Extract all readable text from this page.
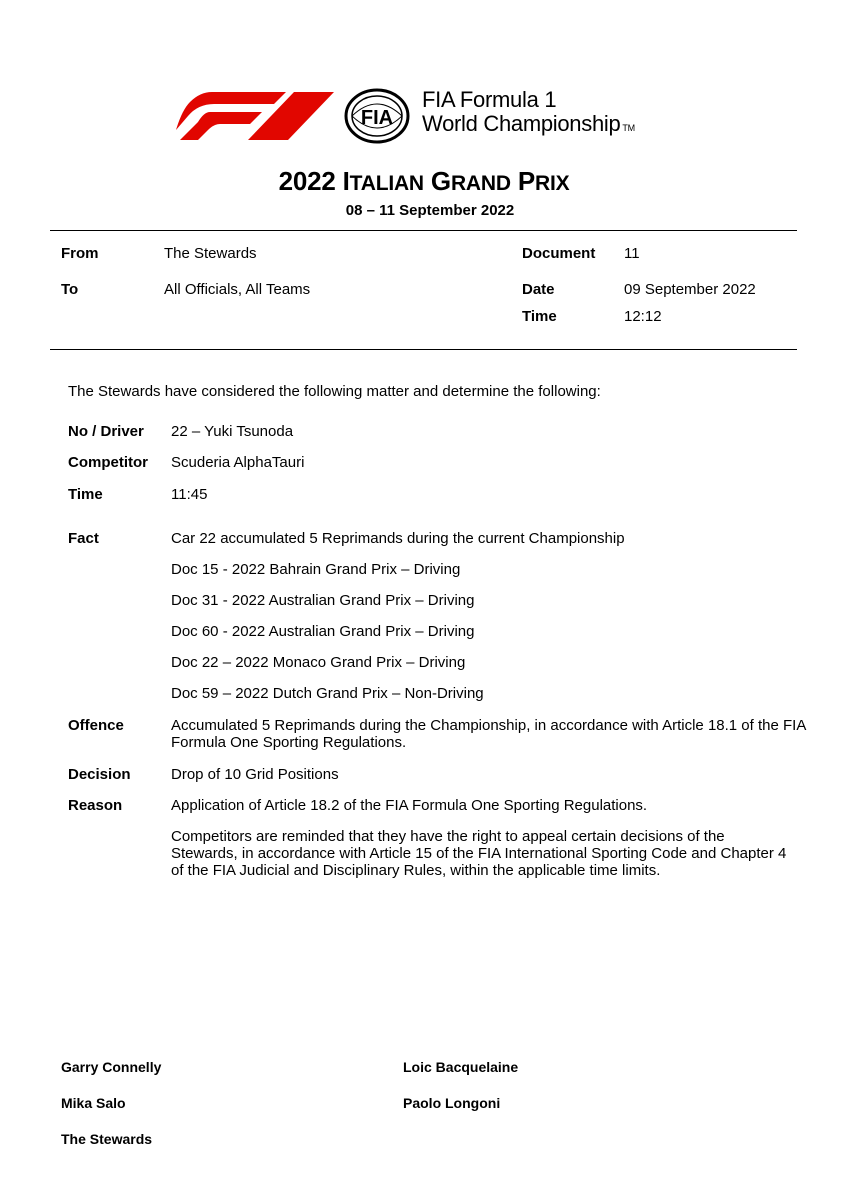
FIA
FIA Formula 1
World Championship TM
2022 ITALIAN GRAND PRIX
08 – 11 September 2022
From	The Stewards
To	All Officials, All Teams
Document 11
Date	09 September 2022
Time	12:12
The Stewards have considered the following matter and determine the following:
No / Driver 22 – Yuki Tsunoda
Competitor Scuderia AlphaTauri
Time	11:45
Fact	Car 22 accumulated 5 Reprimands during the current Championship
Doc 15 - 2022 Bahrain Grand Prix – Driving
Doc 31 - 2022 Australian Grand Prix – Driving
Doc 60 - 2022 Australian Grand Prix – Driving
Doc 22 – 2022 Monaco Grand Prix – Driving
Doc 59 – 2022 Dutch Grand Prix – Non-Driving
Offence	Accumulated 5 Reprimands during the Championship, in accordance with Article 18.1 of the FIA Formula One Sporting Regulations.
Decision	Drop of 10 Grid Positions
Reason	Application of Article 18.2 of the FIA Formula One Sporting Regulations.
Competitors are reminded that they have the right to appeal certain decisions of the Stewards, in accordance with Article 15 of the FIA International Sporting Code and Chapter 4 of the FIA Judicial and Disciplinary Rules, within the applicable time limits.
Garry Connelly	Loic Bacquelaine
Mika Salo	Paolo Longoni
The Stewards
